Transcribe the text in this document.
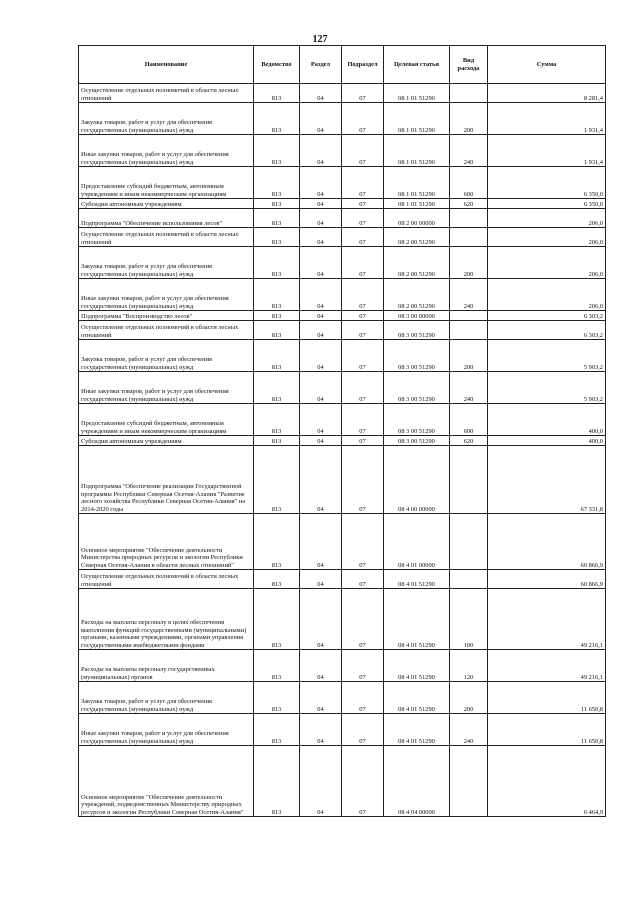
127
Наименование	Ведомство	Раздел	Подраздел	Целевая статья	Вид расхода	Сумма

Осуществление отдельных полномочий в области лесных отношений	813	04	07	08 1 01 51290		8 281,4

Закупка товаров, работ и услуг для обеспечения государственных (муниципальных) нужд	813	04	07	08 1 01 51290	200	1 931,4

Иные закупки товаров, работ и услуг для обеспечения государственных (муниципальных) нужд	813	04	07	08 1 01 51290	240	1 931,4

Предоставление субсидий бюджетным, автономным учреждениям и иным некоммерческим организациям	813	04	07	08 1 01 51290	600	6 350,0

Субсидии автономным учреждениям	813	04	07	08 1 01 51290	620	6 350,0

Подпрограмма "Обеспечение использования лесов"	813	04	07	08 2 00 00000		206,0

Осуществление отдельных полномочий в области лесных отношений	813	04	07	08 2 00 51290		206,0

Закупка товаров, работ и услуг для обеспечения государственных (муниципальных) нужд	813	04	07	08 2 00 51290	200	206,0

Иные закупки товаров, работ и услуг для обеспечения государственных (муниципальных) нужд	813	04	07	08 2 00 51290	240	206,0

Подпрограмма "Воспроизводство лесов"	813	04	07	08 3 00 00000		6 303,2

Осуществление отдельных полномочий в области лесных отношений	813	04	07	08 3 00 51290		6 303,2

Закупка товаров, работ и услуг для обеспечения государственных (муниципальных) нужд	813	04	07	08 3 00 51290	200	5 903,2

Иные закупки товаров, работ и услуг для обеспечения государственных (муниципальных) нужд	813	04	07	08 3 00 51290	240	5 903,2

Предоставление субсидий бюджетным, автономным учреждениям и иным некоммерческим организациям	813	04	07	08 3 00 51290	600	400,0

Субсидии автономным учреждениям	813	04	07	08 3 00 51290	620	400,0

Подпрограмма "Обеспечение реализации Государственной программы Республики Северная Осетия-Алания "Развитие лесного хозяйства Республики Северная Осетия-Алания" на 2014-2020 годы	813	04	07	08 4 00 00000		67 331,8

Основное мероприятие "Обеспечение деятельности Министерства природных ресурсов и экологии Республики Северная Осетия-Алания в области лесных отношений"	813	04	07	08 4 01 00000		60 866,9

Осуществление отдельных полномочий в области лесных отношений	813	04	07	08 4 01 51290		60 866,9

Расходы на выплаты персоналу в целях обеспечения выполнения функций государственными (муниципальными) органами, казенными учреждениями, органами управления государственными внебюджетными фондами	813	04	07	08 4 01 51290	100	49 216,1

Расходы на выплаты персоналу государственных (муниципальных) органов	813	04	07	08 4 01 51290	120	49 216,1

Закупка товаров, работ и услуг для обеспечения государственных (муниципальных) нужд	813	04	07	08 4 01 51290	200	11 650,8

Иные закупки товаров, работ и услуг для обеспечения государственных (муниципальных) нужд	813	04	07	08 4 01 51290	240	11 650,8

Основное мероприятие "Обеспечение деятельности учреждений, подведомственных Министерству природных ресурсов и экологии Республики Северная Осетия-Алания"	813	04	07	08 4 04 00000		6 464,9
